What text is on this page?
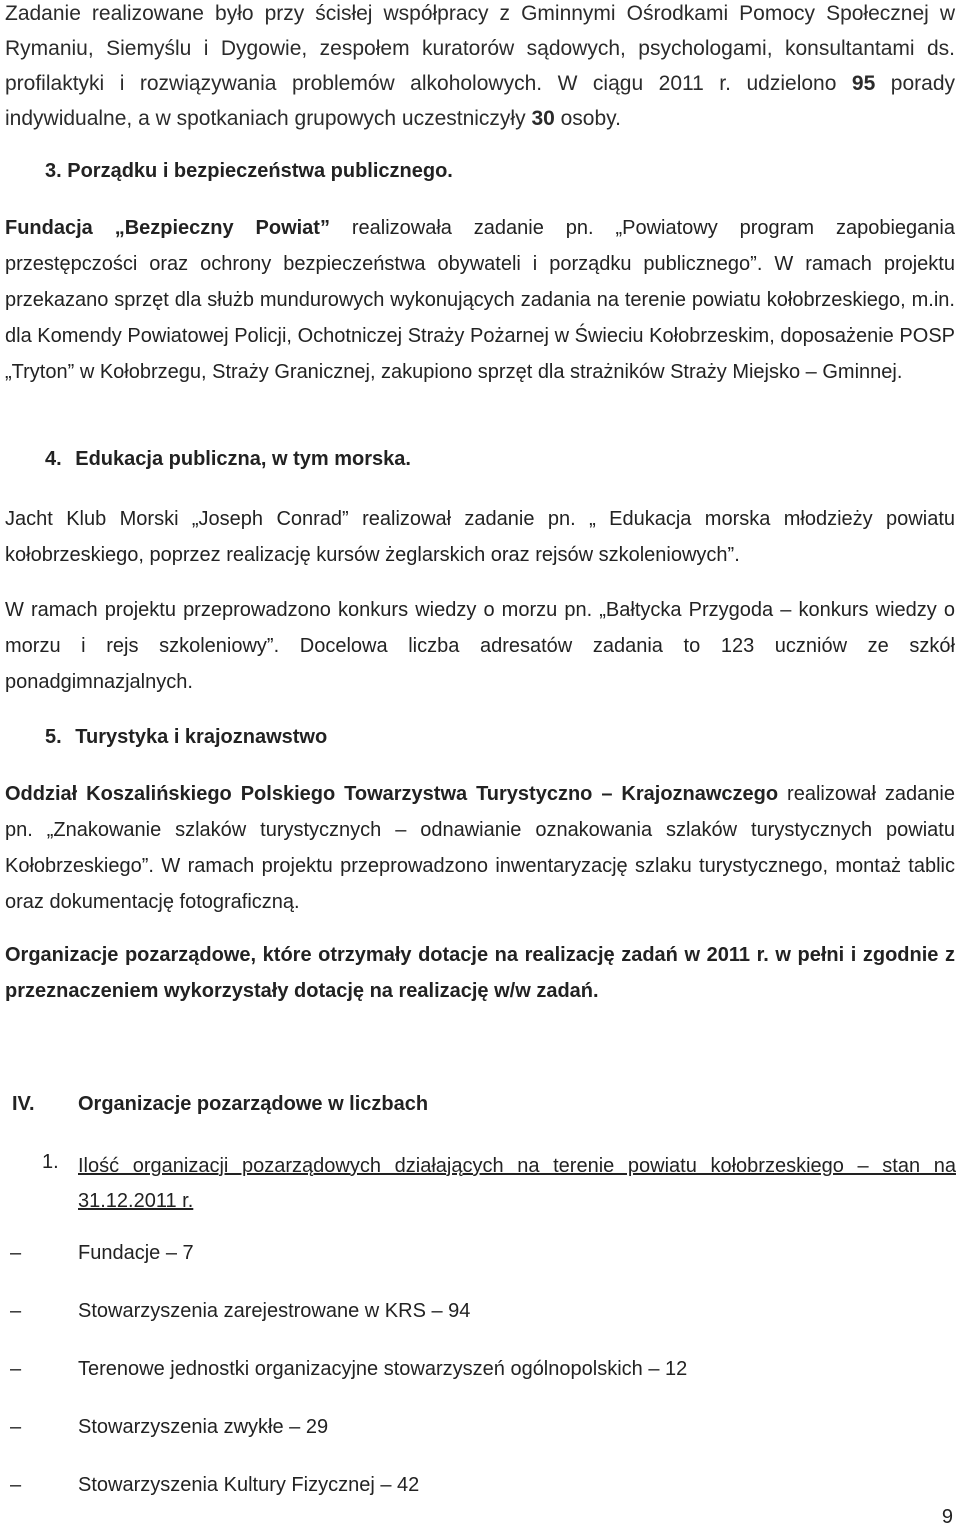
Zadanie realizowane było przy ścisłej współpracy z Gminnymi Ośrodkami Pomocy Społecznej w Rymaniu, Siemyślu i Dygowie, zespołem kuratorów sądowych, psychologami, konsultantami ds. profilaktyki i rozwiązywania problemów alkoholowych. W ciągu 2011 r. udzielono 95 porady indywidualne, a w spotkaniach grupowych uczestniczyły 30 osoby.

3. Porządku i bezpieczeństwa publicznego.

Fundacja „Bezpieczny Powiat” realizowała zadanie pn. „Powiatowy program zapobiegania przestępczości oraz ochrony bezpieczeństwa obywateli i porządku publicznego”. W ramach projektu przekazano sprzęt dla służb mundurowych wykonujących zadania na terenie powiatu kołobrzeskiego, m.in. dla Komendy Powiatowej Policji, Ochotniczej Straży Pożarnej w Świeciu Kołobrzeskim, doposażenie POSP „Tryton” w Kołobrzegu, Straży Granicznej, zakupiono sprzęt dla strażników Straży Miejsko – Gminnej.

4. Edukacja publiczna, w tym morska.

Jacht Klub Morski „Joseph Conrad” realizował zadanie pn. „ Edukacja morska młodzieży powiatu kołobrzeskiego, poprzez realizację kursów żeglarskich oraz rejsów szkoleniowych”.

W ramach projektu przeprowadzono konkurs wiedzy o morzu pn. „Bałtycka Przygoda – konkurs wiedzy o morzu i rejs szkoleniowy”. Docelowa liczba adresatów zadania to 123 uczniów ze szkół ponadgimnazjalnych.

5. Turystyka i krajoznawstwo

Oddział Koszalińskiego Polskiego Towarzystwa Turystyczno – Krajoznawczego realizował zadanie pn. „Znakowanie szlaków turystycznych – odnawianie oznakowania szlaków turystycznych powiatu Kołobrzeskiego”. W ramach projektu przeprowadzono inwentaryzację szlaku turystycznego, montaż tablic oraz dokumentację fotograficzną.

Organizacje pozarządowe, które otrzymały dotacje na realizację zadań w 2011 r. w pełni i zgodnie z przeznaczeniem wykorzystały dotację na realizację w/w zadań.

IV. Organizacje pozarządowe w liczbach
1. Ilość organizacji pozarządowych działających na terenie powiatu kołobrzeskiego – stan na 31.12.2011 r.
–	Fundacje – 7
–	Stowarzyszenia zarejestrowane w KRS – 94
–	Terenowe jednostki organizacyjne stowarzyszeń ogólnopolskich – 12
–	Stowarzyszenia zwykłe – 29
–	Stowarzyszenia Kultury Fizycznej – 42
9
